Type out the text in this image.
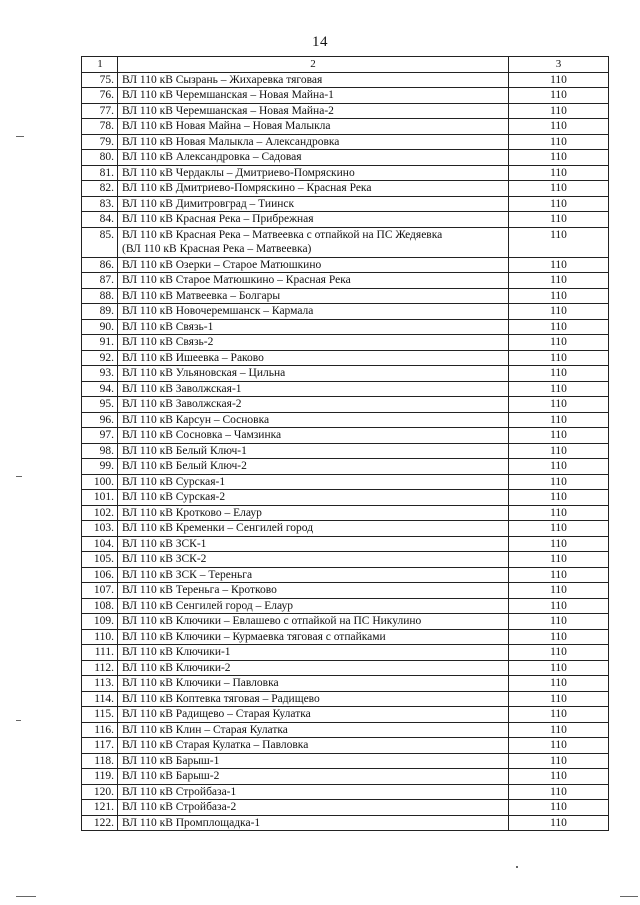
14
1	2	3
75.	ВЛ 110 кВ Сызрань – Жихаревка тяговая	110
76.	ВЛ 110 кВ Черемшанская – Новая Майна-1	110
77.	ВЛ 110 кВ Черемшанская – Новая Майна-2	110
78.	ВЛ 110 кВ Новая Майна – Новая Малыкла	110
79.	ВЛ 110 кВ Новая Малыкла – Александровка	110
80.	ВЛ 110 кВ Александровка – Садовая	110
81.	ВЛ 110 кВ Чердаклы – Дмитриево-Помряскино	110
82.	ВЛ 110 кВ Дмитриево-Помряскино – Красная Река	110
83.	ВЛ 110 кВ Димитровград – Тиинск	110
84.	ВЛ 110 кВ Красная Река – Прибрежная	110
85.	ВЛ 110 кВ Красная Река – Матвеевка с отпайкой на ПС Жедяевка
(ВЛ 110 кВ Красная Река – Матвеевка)	110
86.	ВЛ 110 кВ Озерки – Старое Матюшкино	110
87.	ВЛ 110 кВ Старое Матюшкино – Красная Река	110
88.	ВЛ 110 кВ Матвеевка – Болгары	110
89.	ВЛ 110 кВ Новочеремшанск – Кармала	110
90.	ВЛ 110 кВ Связь-1	110
91.	ВЛ 110 кВ Связь-2	110
92.	ВЛ 110 кВ Ишеевка – Раково	110
93.	ВЛ 110 кВ Ульяновская – Цильна	110
94.	ВЛ 110 кВ Заволжская-1	110
95.	ВЛ 110 кВ Заволжская-2	110
96.	ВЛ 110 кВ Карсун – Сосновка	110
97.	ВЛ 110 кВ Сосновка – Чамзинка	110
98.	ВЛ 110 кВ Белый Ключ-1	110
99.	ВЛ 110 кВ Белый Ключ-2	110
100.	ВЛ 110 кВ Сурская-1	110
101.	ВЛ 110 кВ Сурская-2	110
102.	ВЛ 110 кВ Кротково – Елаур	110
103.	ВЛ 110 кВ Кременки – Сенгилей город	110
104.	ВЛ 110 кВ ЗСК-1	110
105.	ВЛ 110 кВ ЗСК-2	110
106.	ВЛ 110 кВ ЗСК – Тереньга	110
107.	ВЛ 110 кВ Тереньга – Кротково	110
108.	ВЛ 110 кВ Сенгилей город – Елаур	110
109.	ВЛ 110 кВ Ключики – Евлашево с отпайкой на ПС Никулино	110
110.	ВЛ 110 кВ Ключики – Курмаевка тяговая с отпайками	110
111.	ВЛ 110 кВ Ключики-1	110
112.	ВЛ 110 кВ Ключики-2	110
113.	ВЛ 110 кВ Ключики – Павловка	110
114.	ВЛ 110 кВ Коптевка тяговая – Радищево	110
115.	ВЛ 110 кВ Радищево – Старая Кулатка	110
116.	ВЛ 110 кВ Клин – Старая Кулатка	110
117.	ВЛ 110 кВ Старая Кулатка – Павловка	110
118.	ВЛ 110 кВ Барыш-1	110
119.	ВЛ 110 кВ Барыш-2	110
120.	ВЛ 110 кВ Стройбаза-1	110
121.	ВЛ 110 кВ Стройбаза-2	110
122.	ВЛ 110 кВ Промплощадка-1	110
